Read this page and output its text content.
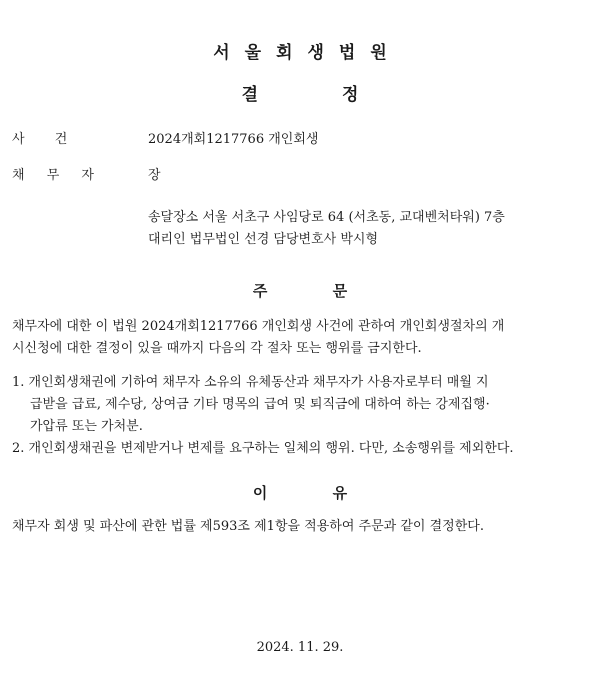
서울회생법원
결 정
사 건	2024개회1217766 개인회생
채 무 자	장
송달장소 서울 서초구 사임당로 64 (서초동, 교대벤처타워) 7층
대리인 법무법인 선경 담당변호사 박시형
주 문
채무자에 대한 이 법원 2024개회1217766 개인회생 사건에 관하여 개인회생절차의 개
시신청에 대한 결정이 있을 때까지 다음의 각 절차 또는 행위를 금지한다.
1. 개인회생채권에 기하여 채무자 소유의 유체동산과 채무자가 사용자로부터 매월 지
급받을 급료, 제수당, 상여금 기타 명목의 급여 및 퇴직금에 대하여 하는 강제집행·
가압류 또는 가처분.
2. 개인회생채권을 변제받거나 변제를 요구하는 일체의 행위. 다만, 소송행위를 제외한다.
이 유
채무자 회생 및 파산에 관한 법률 제593조 제1항을 적용하여 주문과 같이 결정한다.
2024. 11. 29.
